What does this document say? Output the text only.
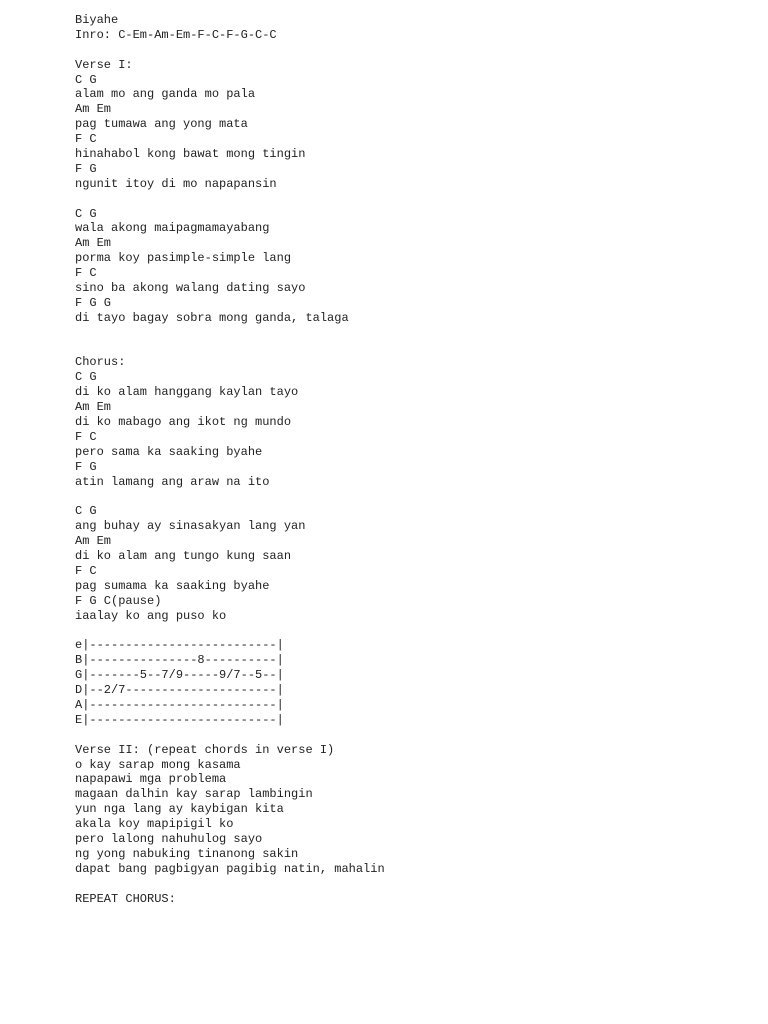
Biyahe
Inro: C-Em-Am-Em-F-C-F-G-C-C
Verse I:
C G
alam mo ang ganda mo pala
Am Em
pag tumawa ang yong mata
F C
hinahabol kong bawat mong tingin
F G
ngunit itoy di mo napapansin
C G
wala akong maipagmamayabang
Am Em
porma koy pasimple-simple lang
F C
sino ba akong walang dating sayo
F G G
di tayo bagay sobra mong ganda, talaga
Chorus:
C G
di ko alam hanggang kaylan tayo
Am Em
di ko mabago ang ikot ng mundo
F C
pero sama ka saaking byahe
F G
atin lamang ang araw na ito
C G
ang buhay ay sinasakyan lang yan
Am Em
di ko alam ang tungo kung saan
F C
pag sumama ka saaking byahe
F G C(pause)
iaalay ko ang puso ko
e|--------------------------|
B|---------------8----------|
G|-------5--7/9-----9/7--5--|
D|--2/7---------------------|
A|--------------------------|
E|--------------------------|
Verse II: (repeat chords in verse I)
o kay sarap mong kasama
napapawi mga problema
magaan dalhin kay sarap lambingin
yun nga lang ay kaybigan kita
akala koy mapipigil ko
pero lalong nahuhulog sayo
ng yong nabuking tinanong sakin
dapat bang pagbigyan pagibig natin, mahalin
REPEAT CHORUS:
